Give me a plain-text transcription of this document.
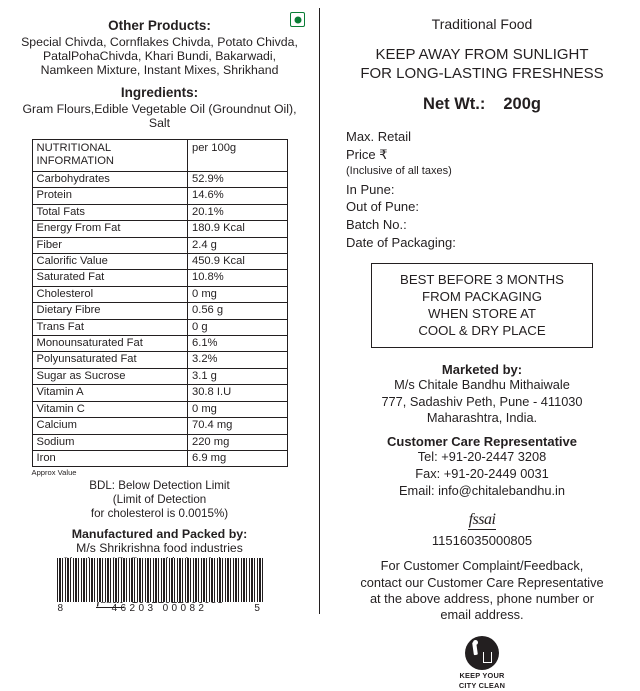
Other Products:
Special Chivda, Cornflakes Chivda, Potato Chivda, PatalPohaChivda, Khari Bundi, Bakarwadi, Namkeen Mixture, Instant Mixes, Shrikhand
Ingredients:
Gram Flours,Edible Vegetable Oil (Groundnut Oil), Salt
NUTRITIONAL INFORMATION	per 100g
Carbohydrates	52.9%
Protein	14.6%
Total Fats	20.1%
Energy From Fat	180.9 Kcal
Fiber	2.4 g
Calorific Value	450.9 Kcal
Saturated Fat	10.8%
Cholesterol	0 mg
Dietary Fibre	0.56 g
Trans Fat	0 g
Monounsaturated Fat	6.1%
Polyunsaturated Fat	3.2%
Sugar as Sucrose	3.1 g
Vitamin A	30.8 I.U
Vitamin C	0 mg
Calcium	70.4 mg
Sodium	220 mg
Iron	6.9 mg
Approx Value
BDL: Below Detection Limit
(Limit of Detection
for cholesterol is 0.0015%)
Manufactured and Packed by:
M/s Shrikrishna food industries
8	46203 00082	5
Traditional Food
KEEP AWAY FROM SUNLIGHT
FOR LONG-LASTING FRESHNESS
Net Wt.: 200g
Max. Retail
Price ₹
(Inclusive of all taxes)
In Pune:
Out of Pune:
Batch No.:
Date of Packaging:
BEST BEFORE 3 MONTHS
FROM PACKAGING
WHEN STORE AT
COOL & DRY PLACE
Marketed by:
M/s Chitale Bandhu Mithaiwale
777, Sadashiv Peth, Pune - 411030
Maharashtra, India.
Customer Care Representative
Tel: +91-20-2447 3208
Fax: +91-20-2449 0031
Email: info@chitalebandhu.in
fssai
11516035000805
For Customer Complaint/Feedback,
contact our Customer Care Representative
at the above address, phone number or
email address.
KEEP YOUR
CITY CLEAN
